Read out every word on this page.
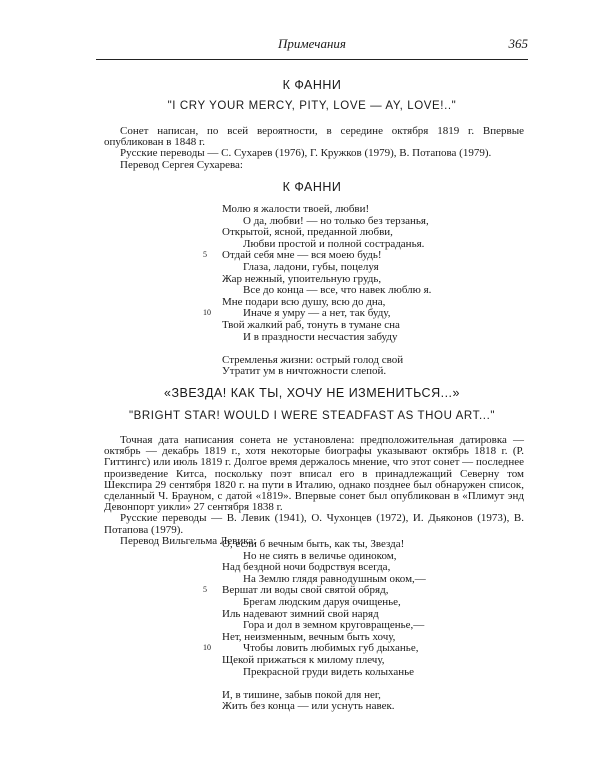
Примечания	365
К ФАННИ
"I CRY YOUR MERCY, PITY, LOVE — AY, LOVE!.."

Сонет написан, по всей вероятности, в середине октября 1819 г. Впервые опубликован в 1848 г.

Русские переводы — С. Сухарев (1976), Г. Кружков (1979), В. Потапова (1979).

Перевод Сергея Сухарева:

К ФАННИ
Молю я жалости твоей, любви!
О да, любви! — но только без терзанья,
Открытой, ясной, преданной любви,
Любви простой и полной состраданья.
5 Отдай себя мне — вся моею будь!
Глаза, ладони, губы, поцелуя
Жар нежный, упоительную грудь,
Все до конца — все, что навек люблю я.
Мне подари всю душу, всю до дна,
10	Иначе я умру — а нет, так буду,
Твой жалкий раб, тонуть в тумане сна
И в праздности несчастия забуду
Стремленья жизни: острый голод свой
Утратит ум в ничтожности слепой.
«ЗВЕЗДА! КАК ТЫ, ХОЧУ НЕ ИЗМЕНИТЬСЯ...»
"BRIGHT STAR! WOULD I WERE STEADFAST AS THOU ART..."

Точная дата написания сонета не установлена: предположительная датировка — октябрь — декабрь 1819 г., хотя некоторые биографы указывают октябрь 1818 г. (Р. Гиттингс) или июль 1819 г. Долгое время держалось мнение, что этот сонет — последнее произведение Китса, поскольку поэт вписал его в принадлежащий Северну том Шекспира 29 сентября 1820 г. на пути в Италию, однако позднее был обнаружен список, сделанный Ч. Брауном, с датой «1819». Впервые сонет был опубликован в «Плимут энд Девонпорт уикли» 27 сентября 1838 г.

Русские переводы — В. Левик (1941), О. Чухонцев (1972), И. Дьяконов (1973), В. Потапова (1979).

Перевод Вильгельма Левика:

О, если б вечным быть, как ты, Звезда!
Но не сиять в величье одиноком,
Над бездной ночи бодрствуя всегда,
На Землю глядя равнодушным оком,—
5 Вершат ли воды свой святой обряд,
Брегам людским даруя очищенье,
Иль надевают зимний свой наряд
Гора и дол в земном круговращенье,—
Нет, неизменным, вечным быть хочу,
10	Чтобы ловить любимых губ дыханье,
Щекой прижаться к милому плечу,
Прекрасной груди видеть колыханье
И, в тишине, забыв покой для нег,
Жить без конца — или уснуть навек.
